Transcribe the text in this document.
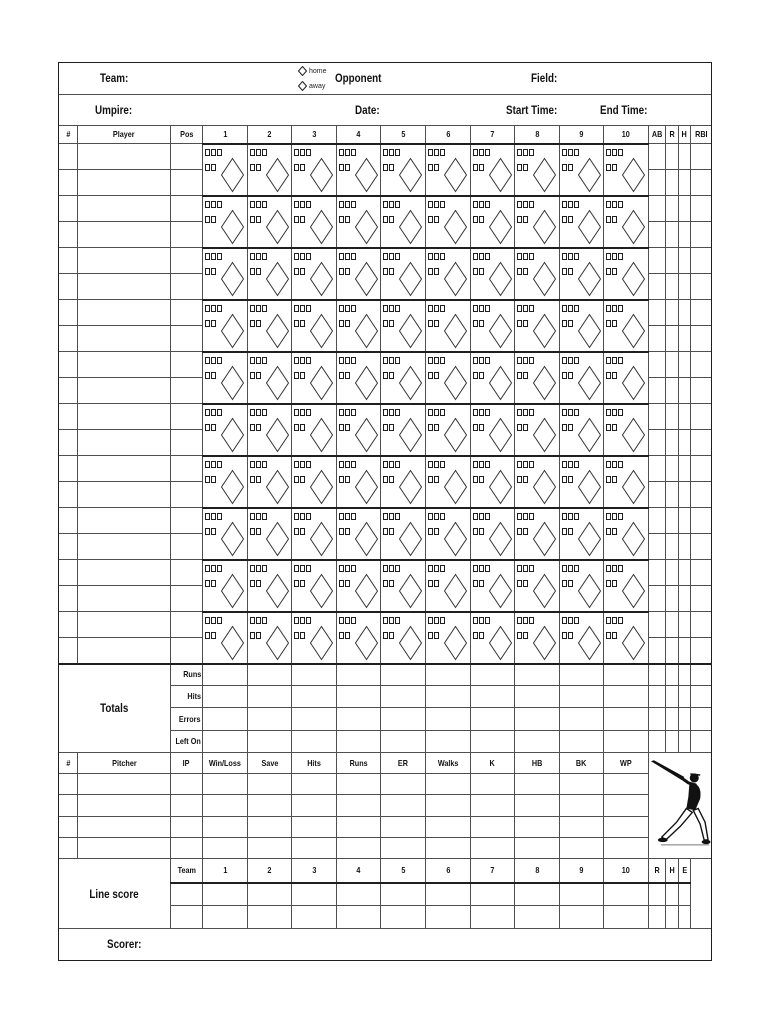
Team:	home
away
Opponent	Field:
Umpire:	Date:	Start Time:	End Time:
Scorer:
#	Player	Pos	1	2	3	4	5	6	7	8	9	10	AB R H RBI
Totals
Runs
Hits
Errors
Left On
#	Pitcher	IP Win/Loss Save	Hits	Runs	ER	Walks	K	HB	BK	WP
Line score
Team	1	2	3	4	5	6	7	8	9	10	R H E
